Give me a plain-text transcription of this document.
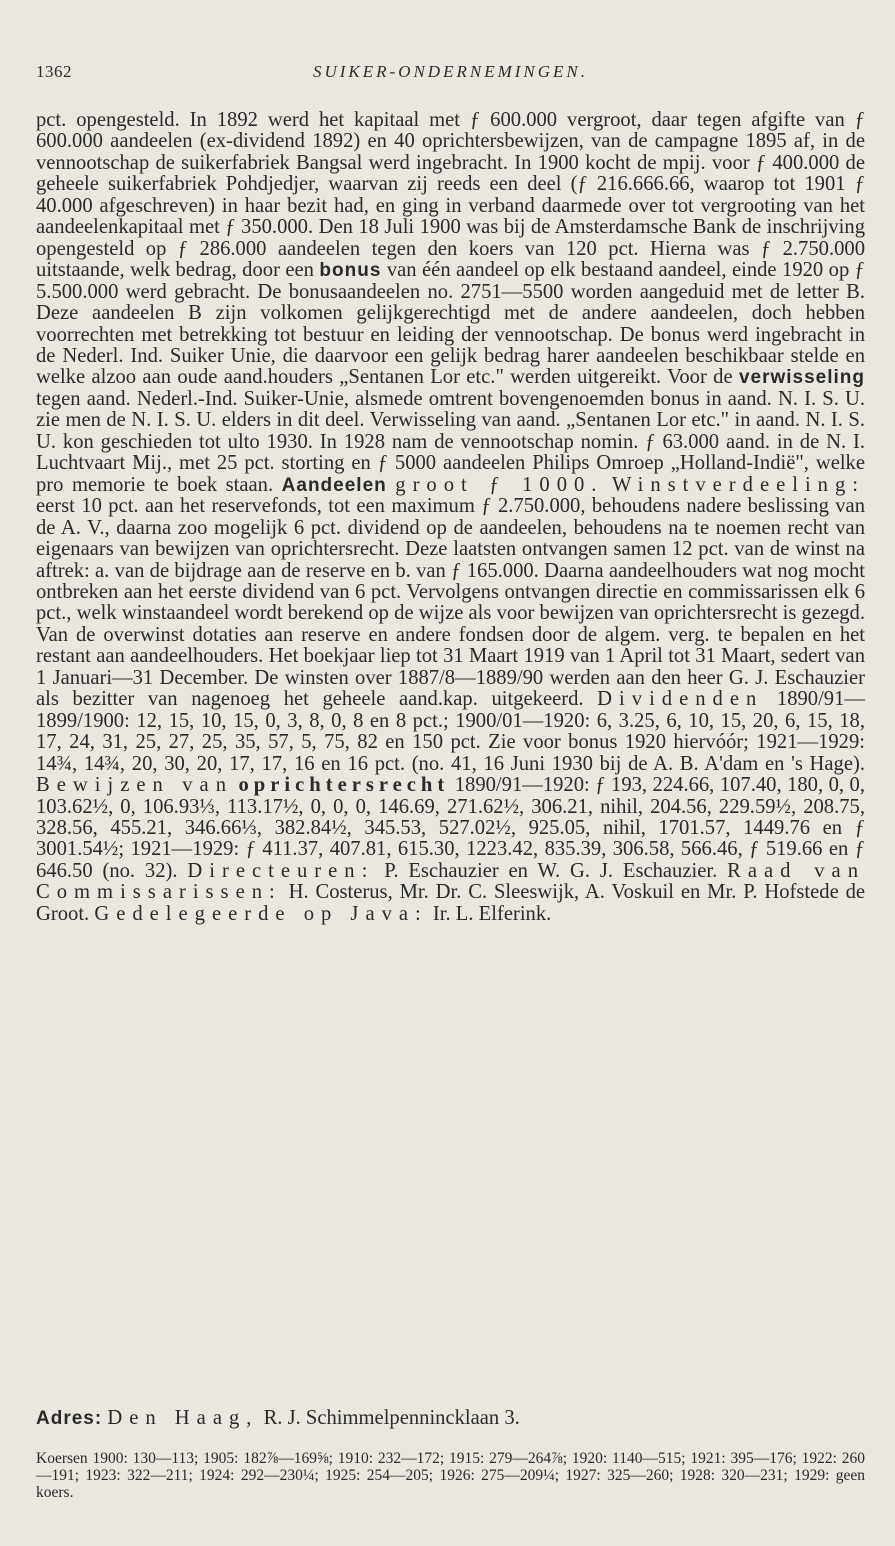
1362	SUIKER-ONDERNEMINGEN.

pct. opengesteld. In 1892 werd het kapitaal met ƒ 600.000 vergroot, daar tegen afgifte van ƒ 600.000 aandeelen (ex-dividend 1892) en 40 oprichtersbewijzen, van de campagne 1895 af, in de vennootschap de suikerfabriek Bangsal werd ingebracht. In 1900 kocht de mpij. voor ƒ 400.000 de geheele suikerfabriek Pohdjedjer, waarvan zij reeds een deel (ƒ 216.666.66, waarop tot 1901 ƒ 40.000 afgeschreven) in haar bezit had, en ging in verband daarmede over tot vergrooting van het aandeelenkapitaal met ƒ 350.000. Den 18 Juli 1900 was bij de Amsterdamsche Bank de inschrijving opengesteld op ƒ 286.000 aandeelen tegen den koers van 120 pct. Hierna was ƒ 2.750.000 uitstaande, welk bedrag, door een bonus van één aandeel op elk bestaand aandeel, einde 1920 op ƒ 5.500.000 werd gebracht. De bonusaandeelen no. 2751—5500 worden aangeduid met de letter B. Deze aandeelen B zijn volkomen gelijkgerechtigd met de andere aandeelen, doch hebben voorrechten met betrekking tot bestuur en leiding der vennootschap. De bonus werd ingebracht in de Nederl. Ind. Suiker Unie, die daarvoor een gelijk bedrag harer aandeelen beschikbaar stelde en welke alzoo aan oude aand.houders „Sentanen Lor etc." werden uitgereikt. Voor de verwisseling tegen aand. Nederl.-Ind. Suiker-Unie, alsmede omtrent bovengenoemden bonus in aand. N. I. S. U. zie men de N. I. S. U. elders in dit deel. Verwisseling van aand. „Sentanen Lor etc." in aand. N. I. S. U. kon geschieden tot ulto 1930. In 1928 nam de vennootschap nomin. ƒ 63.000 aand. in de N. I. Luchtvaart Mij., met 25 pct. storting en ƒ 5000 aandeelen Philips Omroep „Holland-Indië", welke pro memorie te boek staan. Aandeelen groot ƒ 1000. Winstverdeeling: eerst 10 pct. aan het reservefonds, tot een maximum ƒ 2.750.000, behoudens nadere beslissing van de A. V., daarna zoo mogelijk 6 pct. dividend op de aandeelen, behoudens na te noemen recht van eigenaars van bewijzen van oprichtersrecht. Deze laatsten ontvangen samen 12 pct. van de winst na aftrek: a. van de bijdrage aan de reserve en b. van ƒ 165.000. Daarna aandeelhouders wat nog mocht ontbreken aan het eerste dividend van 6 pct. Vervolgens ontvangen directie en commissarissen elk 6 pct., welk winstaandeel wordt berekend op de wijze als voor bewijzen van oprichtersrecht is gezegd. Van de overwinst dotaties aan reserve en andere fondsen door de algem. verg. te bepalen en het restant aan aandeelhouders. Het boekjaar liep tot 31 Maart 1919 van 1 April tot 31 Maart, sedert van 1 Januari—31 December. De winsten over 1887/8—1889/90 werden aan den heer G. J. Eschauzier als bezitter van nagenoeg het geheele aand.kap. uitgekeerd. Dividenden 1890/91—1899/1900: 12, 15, 10, 15, 0, 3, 8, 0, 8 en 8 pct.; 1900/01—1920: 6, 3.25, 6, 10, 15, 20, 6, 15, 18, 17, 24, 31, 25, 27, 25, 35, 57, 5, 75, 82 en 150 pct. Zie voor bonus 1920 hiervóór; 1921—1929: 14¾, 14¾, 20, 30, 20, 17, 17, 16 en 16 pct. (no. 41, 16 Juni 1930 bij de A. B. A'dam en 's Hage). Bewijzen van oprichtersrecht 1890/91—1920: ƒ 193, 224.66, 107.40, 180, 0, 0, 103.62½, 0, 106.93⅓, 113.17½, 0, 0, 0, 146.69, 271.62½, 306.21, nihil, 204.56, 229.59½, 208.75, 328.56, 455.21, 346.66⅓, 382.84½, 345.53, 527.02½, 925.05, nihil, 1701.57, 1449.76 en ƒ 3001.54½; 1921—1929: ƒ 411.37, 407.81, 615.30, 1223.42, 835.39, 306.58, 566.46, ƒ 519.66 en ƒ 646.50 (no. 32). Directeuren: P. Eschauzier en W. G. J. Eschauzier. Raad van Commissarissen: H. Costerus, Mr. Dr. C. Sleeswijk, A. Voskuil en Mr. P. Hofstede de Groot. Gedelegeerde op Java: Ir. L. Elferink.

Adres: Den Haag, R. J. Schimmelpennincklaan 3.
Koersen 1900: 130—113; 1905: 182⅞—169⅝; 1910: 232—172; 1915: 279—264⅞; 1920: 1140—515; 1921: 395—176; 1922: 260—191; 1923: 322—211; 1924: 292—230¼; 1925: 254—205; 1926: 275—209¼; 1927: 325—260; 1928: 320—231; 1929: geen koers.
